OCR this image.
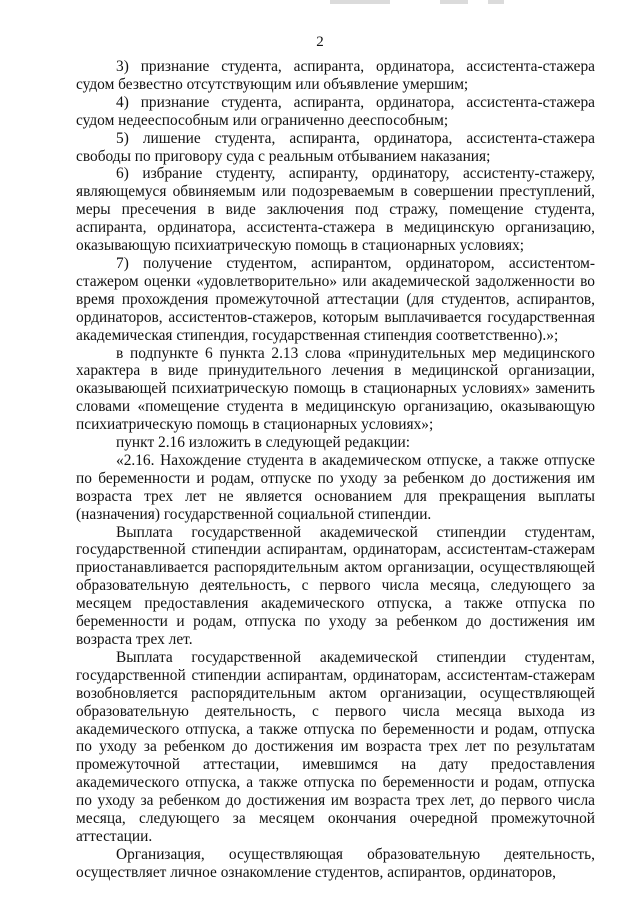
2

3) признание студента, аспиранта, ординатора, ассистента-стажера судом безвестно отсутствующим или объявление умершим;

4) признание студента, аспиранта, ординатора, ассистента-стажера судом недееспособным или ограниченно дееспособным;

5) лишение студента, аспиранта, ординатора, ассистента-стажера свободы по приговору суда с реальным отбыванием наказания;

6) избрание студенту, аспиранту, ординатору, ассистенту-стажеру, являющемуся обвиняемым или подозреваемым в совершении преступлений, меры пресечения в виде заключения под стражу, помещение студента, аспиранта, ординатора, ассистента-стажера в медицинскую организацию, оказывающую психиатрическую помощь в стационарных условиях;

7) получение студентом, аспирантом, ординатором, ассистентом-стажером оценки «удовлетворительно» или академической задолженности во время прохождения промежуточной аттестации (для студентов, аспирантов, ординаторов, ассистентов-стажеров, которым выплачивается государственная академическая стипендия, государственная стипендия соответственно).»;

в подпункте 6 пункта 2.13 слова «принудительных мер медицинского характера в виде принудительного лечения в медицинской организации, оказывающей психиатрическую помощь в стационарных условиях» заменить словами «помещение студента в медицинскую организацию, оказывающую психиатрическую помощь в стационарных условиях»;

пункт 2.16 изложить в следующей редакции:

«2.16. Нахождение студента в академическом отпуске, а также отпуске по беременности и родам, отпуске по уходу за ребенком до достижения им возраста трех лет не является основанием для прекращения выплаты (назначения) государственной социальной стипендии.

Выплата государственной академической стипендии студентам, государственной стипендии аспирантам, ординаторам, ассистентам-стажерам приостанавливается распорядительным актом организации, осуществляющей образовательную деятельность, с первого числа месяца, следующего за месяцем предоставления академического отпуска, а также отпуска по беременности и родам, отпуска по уходу за ребенком до достижения им возраста трех лет.

Выплата государственной академической стипендии студентам, государственной стипендии аспирантам, ординаторам, ассистентам-стажерам возобновляется распорядительным актом организации, осуществляющей образовательную деятельность, с первого числа месяца выхода из академического отпуска, а также отпуска по беременности и родам, отпуска по уходу за ребенком до достижения им возраста трех лет по результатам промежуточной аттестации, имевшимся на дату предоставления академического отпуска, а также отпуска по беременности и родам, отпуска по уходу за ребенком до достижения им возраста трех лет, до первого числа месяца, следующего за месяцем окончания очередной промежуточной аттестации.

Организация, осуществляющая образовательную деятельность, осуществляет личное ознакомление студентов, аспирантов, ординаторов,
